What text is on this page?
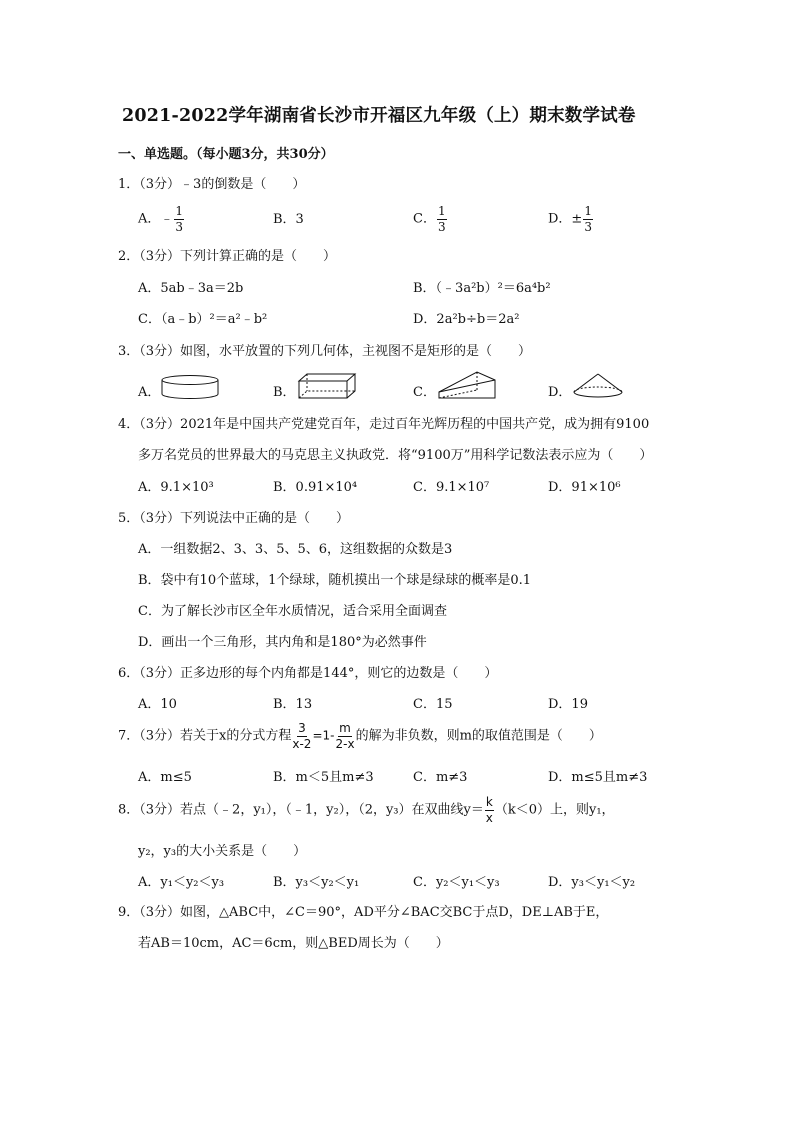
2021-2022学年湖南省长沙市开福区九年级（上）期末数学试卷
一、单选题。（每小题3分，共30分）
1．（3分）﹣3的倒数是（　　）
A．﹣ $\frac{1}{3}$	B．3	C． $\frac{1}{3}$	D．± $\frac{1}{3}$
2．（3分）下列计算正确的是（　　）
A．5ab﹣3a＝2b	B．（﹣3a²b）²＝6a⁴b²
C．（a﹣b）²＝a²﹣b²	D．2a²b÷b＝2a²
3．（3分）如图，水平放置的下列几何体，主视图不是矩形的是（　　）
A．	B．	C．	D．
4．（3分）2021年是中国共产党建党百年，走过百年光辉历程的中国共产党，成为拥有9100
多万名党员的世界最大的马克思主义执政党．将“9100万”用科学记数法表示应为（　　）
A．9.1×10³	B．0.91×10⁴	C．9.1×10⁷	D．91×10⁶
5．（3分）下列说法中正确的是（　　）
A．一组数据2、3、3、5、5、6，这组数据的众数是3
B．袋中有10个蓝球，1个绿球，随机摸出一个球是绿球的概率是0.1
C．为了解长沙市区全年水质情况，适合采用全面调查
D．画出一个三角形，其内角和是180°为必然事件
6．（3分）正多边形的每个内角都是144°，则它的边数是（　　）
A．10	B．13	C．15	D．19
7．（3分）若关于x的分式方程 $\frac{3}{x-2} =1- \frac{m}{2-x}$ 的解为非负数，则m的取值范围是（　　）
A．m≤5	B．m＜5且m≠3	C．m≠3	D．m≤5且m≠3
8．（3分）若点（﹣2，y₁），（﹣1，y₂），（2，y₃）在双曲线$y= \frac{k}{x} (k<0)$上，则y₁，
y₂，y₃的大小关系是（　　）
A．y₁＜y₂＜y₃	B．y₃＜y₂＜y₁	C．y₂＜y₁＜y₃	D．y₃＜y₁＜y₂
9．（3分）如图，△ABC中，∠C＝90°，AD平分∠BAC交BC于点D，DE⊥AB于E，
若AB＝10cm，AC＝6cm，则△BED周长为（　　）
